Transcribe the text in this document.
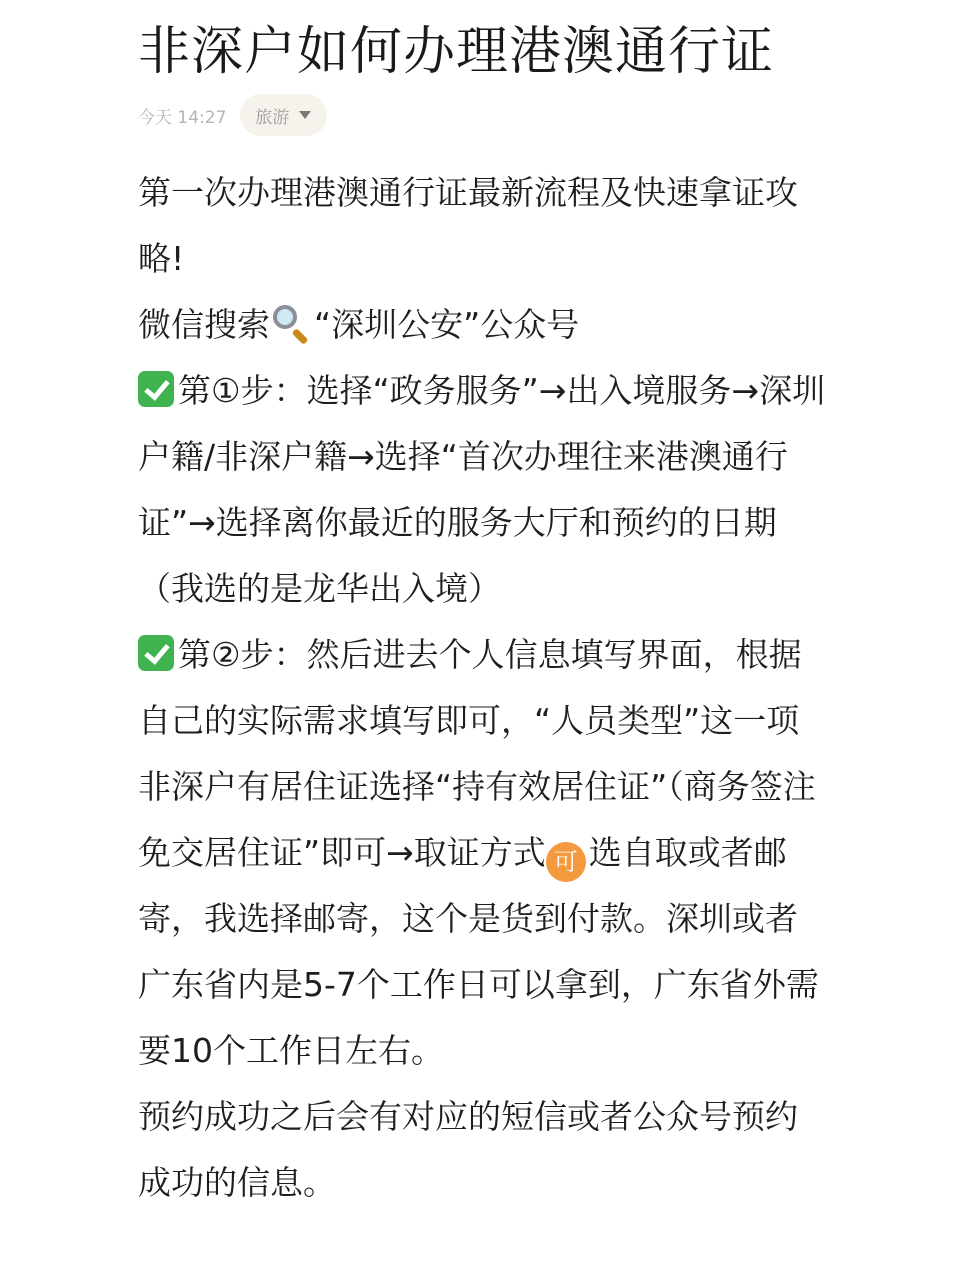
非深户如何办理港澳通行证
今天 14:27 旅游

第一次办理港澳通行证最新流程及快速拿证攻略!

微信搜索 “深圳公安”公众号

第①步：选择“政务服务”→出入境服务→深圳户籍/非深户籍→选择“首次办理往来港澳通行证”→选择离你最近的服务大厅和预约的日期（我选的是龙华出入境）

第②步：然后进去个人信息填写界面，根据自己的实际需求填写即可，“人员类型”这一项非深户有居住证选择“持有效居住证”（商务签注免交居住证”即可→取证方式 可 选自取或者邮寄，我选择邮寄，这个是货到付款。深圳或者广东省内是5-7个工作日可以拿到，广东省外需要10个工作日左右。

预约成功之后会有对应的短信或者公众号预约成功的信息。
